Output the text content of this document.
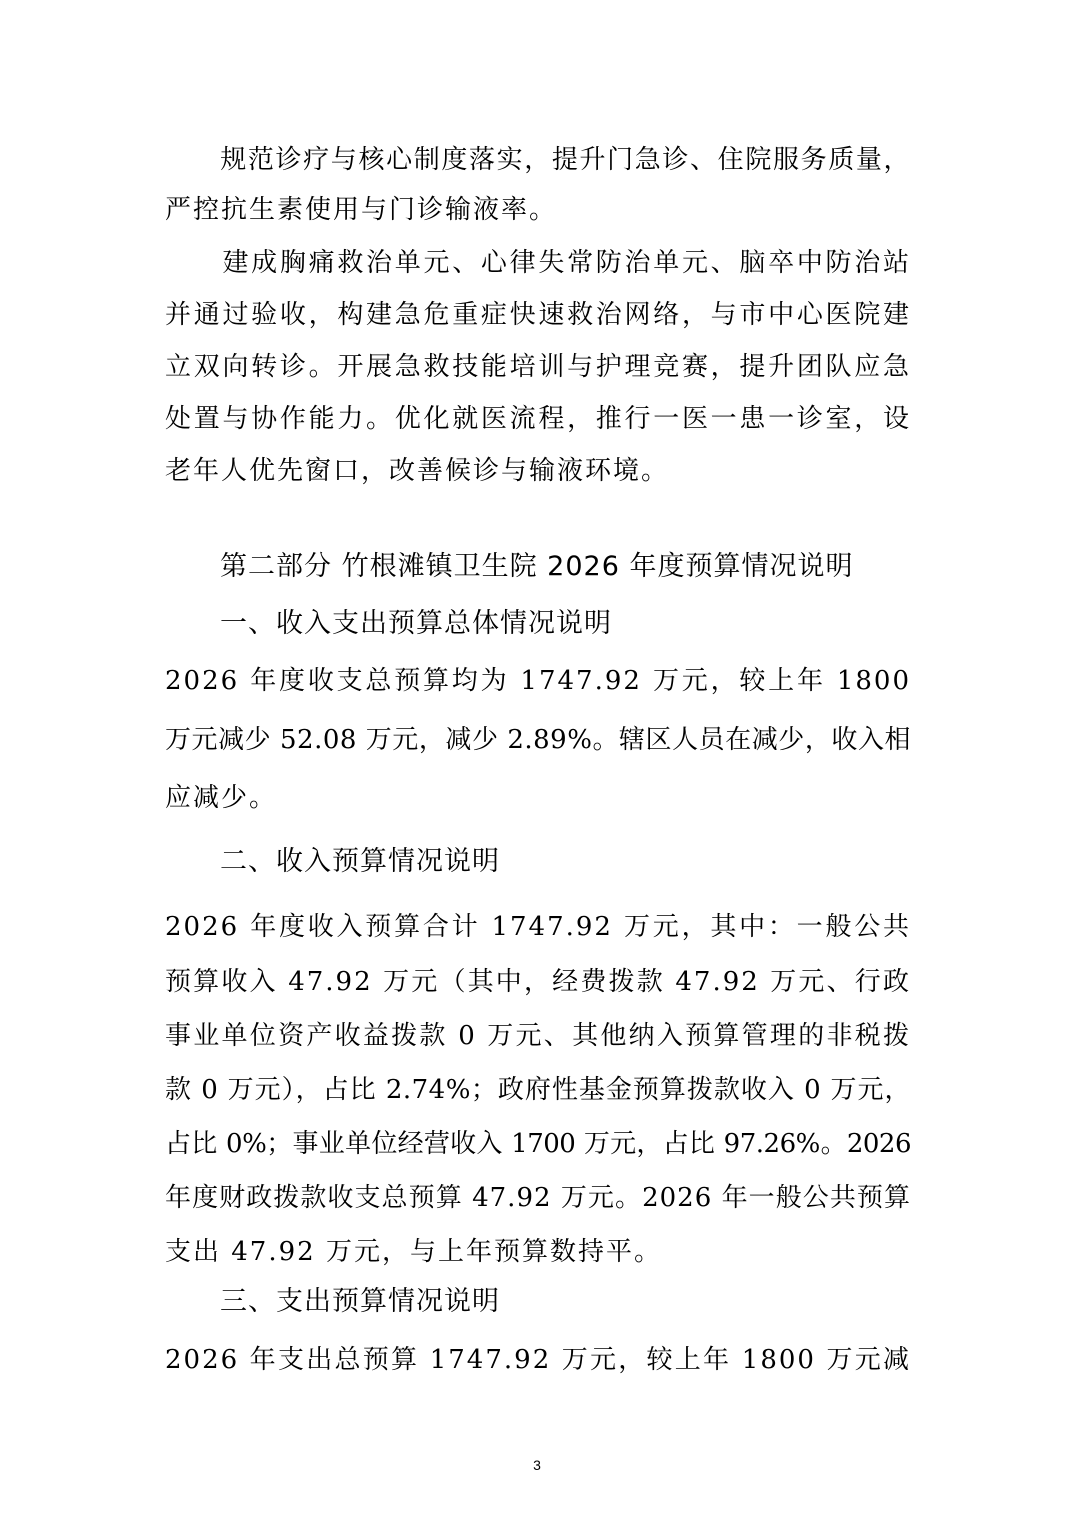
　　规范诊疗与核心制度落实，提升门急诊、住院服务质量，
严控抗生素使用与门诊输液率。
　　建成胸痛救治单元、心律失常防治单元、脑卒中防治站
并通过验收，构建急危重症快速救治网络，与市中心医院建
立双向转诊。开展急救技能培训与护理竞赛，提升团队应急
处置与协作能力。优化就医流程，推行一医一患一诊室，设
老年人优先窗口，改善候诊与输液环境。
第二部分 竹根滩镇卫生院 2026 年度预算情况说明
一、收入支出预算总体情况说明
2026 年度收支总预算均为 1747.92 万元，较上年 1800
万元减少 52.08 万元，减少 2.89%。辖区人员在减少，收入相
应减少。
二、收入预算情况说明
2026 年度收入预算合计 1747.92 万元，其中：一般公共
预算收入 47.92 万元（其中，经费拨款 47.92 万元、行政
事业单位资产收益拨款 0 万元、其他纳入预算管理的非税拨
款 0 万元），占比 2.74%；政府性基金预算拨款收入 0 万元，
占比 0%；事业单位经营收入 1700 万元，占比 97.26%。2026
年度财政拨款收支总预算 47.92 万元。2026 年一般公共预算
支出 47.92 万元，与上年预算数持平。
三、支出预算情况说明
2026 年支出总预算 1747.92 万元，较上年 1800 万元减
3
